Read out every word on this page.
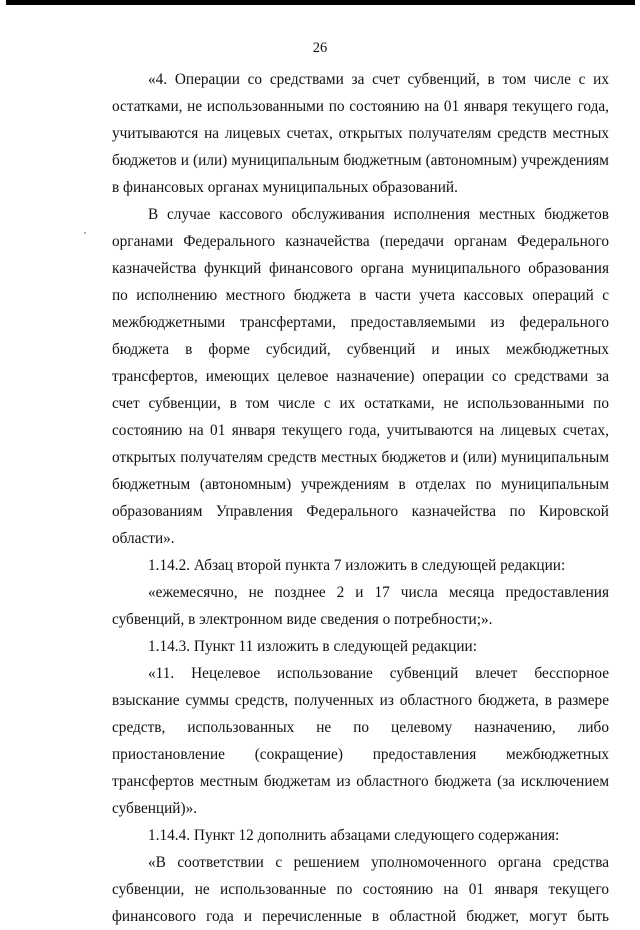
26

«4. Операции со средствами за счет субвенций, в том числе с их остатками, не использованными по состоянию на 01 января текущего года, учитываются на лицевых счетах, открытых получателям средств местных бюджетов и (или) муниципальным бюджетным (автономным) учреждениям в финансовых органах муниципальных образований.

В случае кассового обслуживания исполнения местных бюджетов органами Федерального казначейства (передачи органам Федерального казначейства функций финансового органа муниципального образования по исполнению местного бюджета в части учета кассовых операций с межбюджетными трансфертами, предоставляемыми из федерального бюджета в форме субсидий, субвенций и иных межбюджетных трансфертов, имеющих целевое назначение) операции со средствами за счет субвенции, в том числе с их остатками, не использованными по состоянию на 01 января текущего года, учитываются на лицевых счетах, открытых получателям средств местных бюджетов и (или) муниципальным бюджетным (автономным) учреждениям в отделах по муниципальным образованиям Управления Федерального казначейства по Кировской области».

1.14.2. Абзац второй пункта 7 изложить в следующей редакции:

«ежемесячно, не позднее 2 и 17 числа месяца предоставления субвенций, в электронном виде сведения о потребности;».

1.14.3. Пункт 11 изложить в следующей редакции:

«11. Нецелевое использование субвенций влечет бесспорное взыскание суммы средств, полученных из областного бюджета, в размере средств, использованных не по целевому назначению, либо приостановление (сокращение) предоставления межбюджетных трансфертов местным бюджетам из областного бюджета (за исключением субвенций)».

1.14.4. Пункт 12 дополнить абзацами следующего содержания:

«В соответствии с решением уполномоченного органа средства субвенции, не использованные по состоянию на 01 января текущего финансового года и перечисленные в областной бюджет, могут быть
